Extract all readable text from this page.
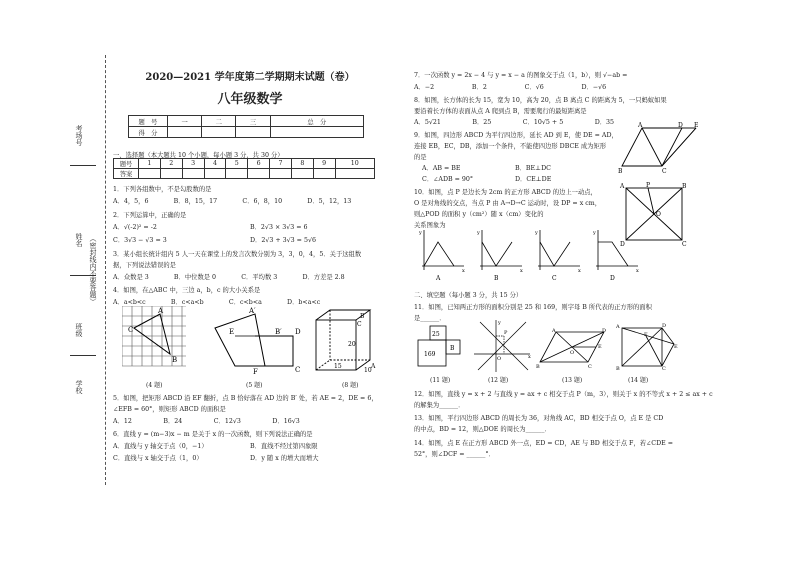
考场号
姓名
班级
学校
（密封线内不要答题）
2020—2021 学年度第二学期期末试题（卷）
八年级数学
题　号	一	二	三	总　分
得　分				
一、选择题（本大题共 10 个小题，每小题 3 分，共 30 分）
题号	1	2	3	4	5	6	7	8	9	10
答案										
1．下列各组数中，不是勾股数的是
A．4，5，6　　　　B．8，15，17　　　　C．6，8，10　　　　D．5，12，13
2．下列运算中，正确的是
A．√(-2)² = -2	B．2√3 × 3√3 = 6
C．3√3 − √3 = 3	D．2√3 + 3√3 = 5√6
3．某小组长统计组内 5 人一天在课堂上的发言次数分别为 3，3，0，4，5．关于这组数
据，下列说法错误的是
A．众数是 3　　　　B．中位数是 0　　　　C．平均数 3　　　　D．方差是 2.8
4．如图，在△ABC 中，三边 a，b，c 的大小关系是
A．a<b<c　　　　B．c<a<b　　　　C．c<b<a　　　　D．b<a<c
C
A
B
(4 题)
A′
E	B′ D
C
F
(5 题)
B
C
A
20
15
10
(8 题)
5．如图，把矩形 ABCD 沿 EF 翻折，点 B 恰好落在 AD 边的 B′ 处，若 AE = 2，DE = 6，
∠EFB = 60°，则矩形 ABCD 的面积是
A．12　　　　　B．24　　　　　C．12√3　　　　　D．16√3
6．直线 y = (m−3)x − m 是关于 x 的一次函数，则下列说法正确的是
A．直线与 y 轴交于点（0，−1）	B．直线不经过第四象限
C．直线与 x 轴交于点（1，0）	D．y 随 x 的增大而增大
7．一次函数 y = 2x − 4 与 y = x − a 的图象交于点（1，b），则 √−ab =
A．−2　　　　　　B．2　　　　　　C．√6　　　　　　D．−√6
8．如图，长方体的长为 15，宽为 10，高为 20，点 B 离点 C 的距离为 5，一只蚂蚁如果
要沿着长方体的表面从点 A 爬到点 B，需要爬行的最短距离是
A．5√21　　　　　B．25　　　　　C．10√5 + 5　　　　　D．35
9．如图，四边形 ABCD 为平行四边形，延长 AD 到 E，使 DE = AD，
连接 EB，EC，DB，添加一个条件，不能使四边形 DBCE 成为矩形
的是
A．AB = BE	B．BE⊥DC
C．∠ADB = 90°	D．CE⊥DE
B
A	D E
C
10．如图，点 P 是边长为 2cm 的正方形 ABCD 的边上一动点，
O 是对角线的交点，当点 P 由 A→D→C 运动时，设 DP = x cm，
则△POD 的面积 y（cm²）随 x（cm）变化的
关系图象为
A	B
D	C
O
P
y
x
y
x
y
x
y
x
A	B	C	D
二、填空题（每小题 3 分，共 15 分）
11．如图，已知两正方形的面积分别是 25 和 169，则字母 B 所代表的正方形的面积
是______．
25
169
B
(11 题)
P
O	x
y
(12 题)
B
A	D
C
O
E
(13 题)
A	D
B	C
E
F
(14 题)
12．如图，直线 y = x + 2 与直线 y = ax + c 相交于点 P（m，3），则关于 x 的不等式 x + 2 ≤ ax + c
的解集为______．
13．如图，平行四边形 ABCD 的周长为 36，对角线 AC，BD 相交于点 O，点 E 是 CD
的中点，BD = 12，则△DOE 的周长为______．
14．如图，点 E 在正方形 ABCD 外一点，ED = CD，AE 与 BD 相交于点 F，若∠CDE =
52°，则∠DCF = ______°．
